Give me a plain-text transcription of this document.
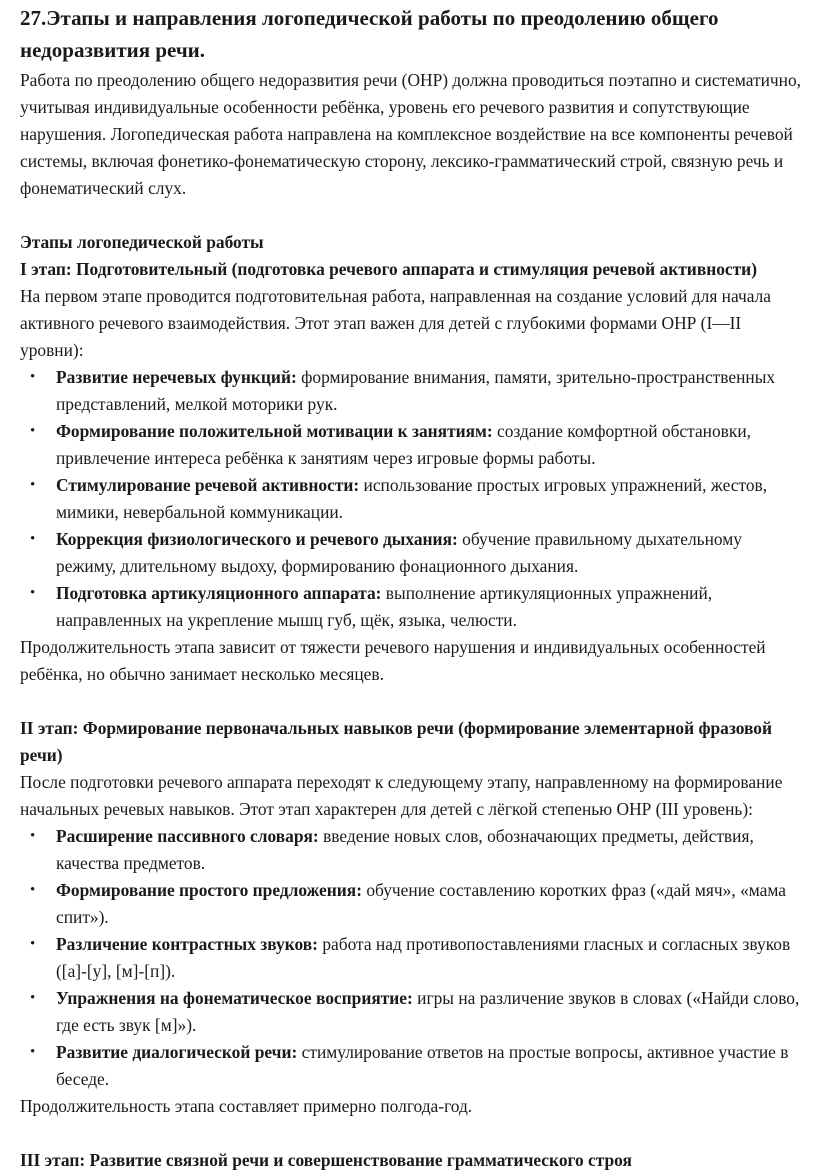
27.Этапы и направления логопедической работы по преодолению общего недоразвития речи.

Работа по преодолению общего недоразвития речи (ОНР) должна проводиться поэтапно и систематично, учитывая индивидуальные особенности ребёнка, уровень его речевого развития и сопутствующие нарушения. Логопедическая работа направлена на комплексное воздействие на все компоненты речевой системы, включая фонетико-фонематическую сторону, лексико-грамматический строй, связную речь и фонематический слух.

Этапы логопедической работы

I этап: Подготовительный (подготовка речевого аппарата и стимуляция речевой активности)

На первом этапе проводится подготовительная работа, направленная на создание условий для начала активного речевого взаимодействия. Этот этап важен для детей с глубокими формами ОНР (I—II уровни):

• Развитие неречевых функций: формирование внимания, памяти, зрительно-пространственных представлений, мелкой моторики рук.
• Формирование положительной мотивации к занятиям: создание комфортной обстановки, привлечение интереса ребёнка к занятиям через игровые формы работы.
• Стимулирование речевой активности: использование простых игровых упражнений, жестов, мимики, невербальной коммуникации.
• Коррекция физиологического и речевого дыхания: обучение правильному дыхательному режиму, длительному выдоху, формированию фонационного дыхания.
• Подготовка артикуляционного аппарата: выполнение артикуляционных упражнений, направленных на укрепление мышц губ, щёк, языка, челюсти.

Продолжительность этапа зависит от тяжести речевого нарушения и индивидуальных особенностей ребёнка, но обычно занимает несколько месяцев.

II этап: Формирование первоначальных навыков речи (формирование элементарной фразовой речи)

После подготовки речевого аппарата переходят к следующему этапу, направленному на формирование начальных речевых навыков. Этот этап характерен для детей с лёгкой степенью ОНР (III уровень):

• Расширение пассивного словаря: введение новых слов, обозначающих предметы, действия, качества предметов.
• Формирование простого предложения: обучение составлению коротких фраз («дай мяч», «мама спит»).
• Различение контрастных звуков: работа над противопоставлениями гласных и согласных звуков ([а]-[у], [м]-[п]).
• Упражнения на фонематическое восприятие: игры на различение звуков в словах («Найди слово, где есть звук [м]»).
• Развитие диалогической речи: стимулирование ответов на простые вопросы, активное участие в беседе.

Продолжительность этапа составляет примерно полгода-год.

III этап: Развитие связной речи и совершенствование грамматического строя
